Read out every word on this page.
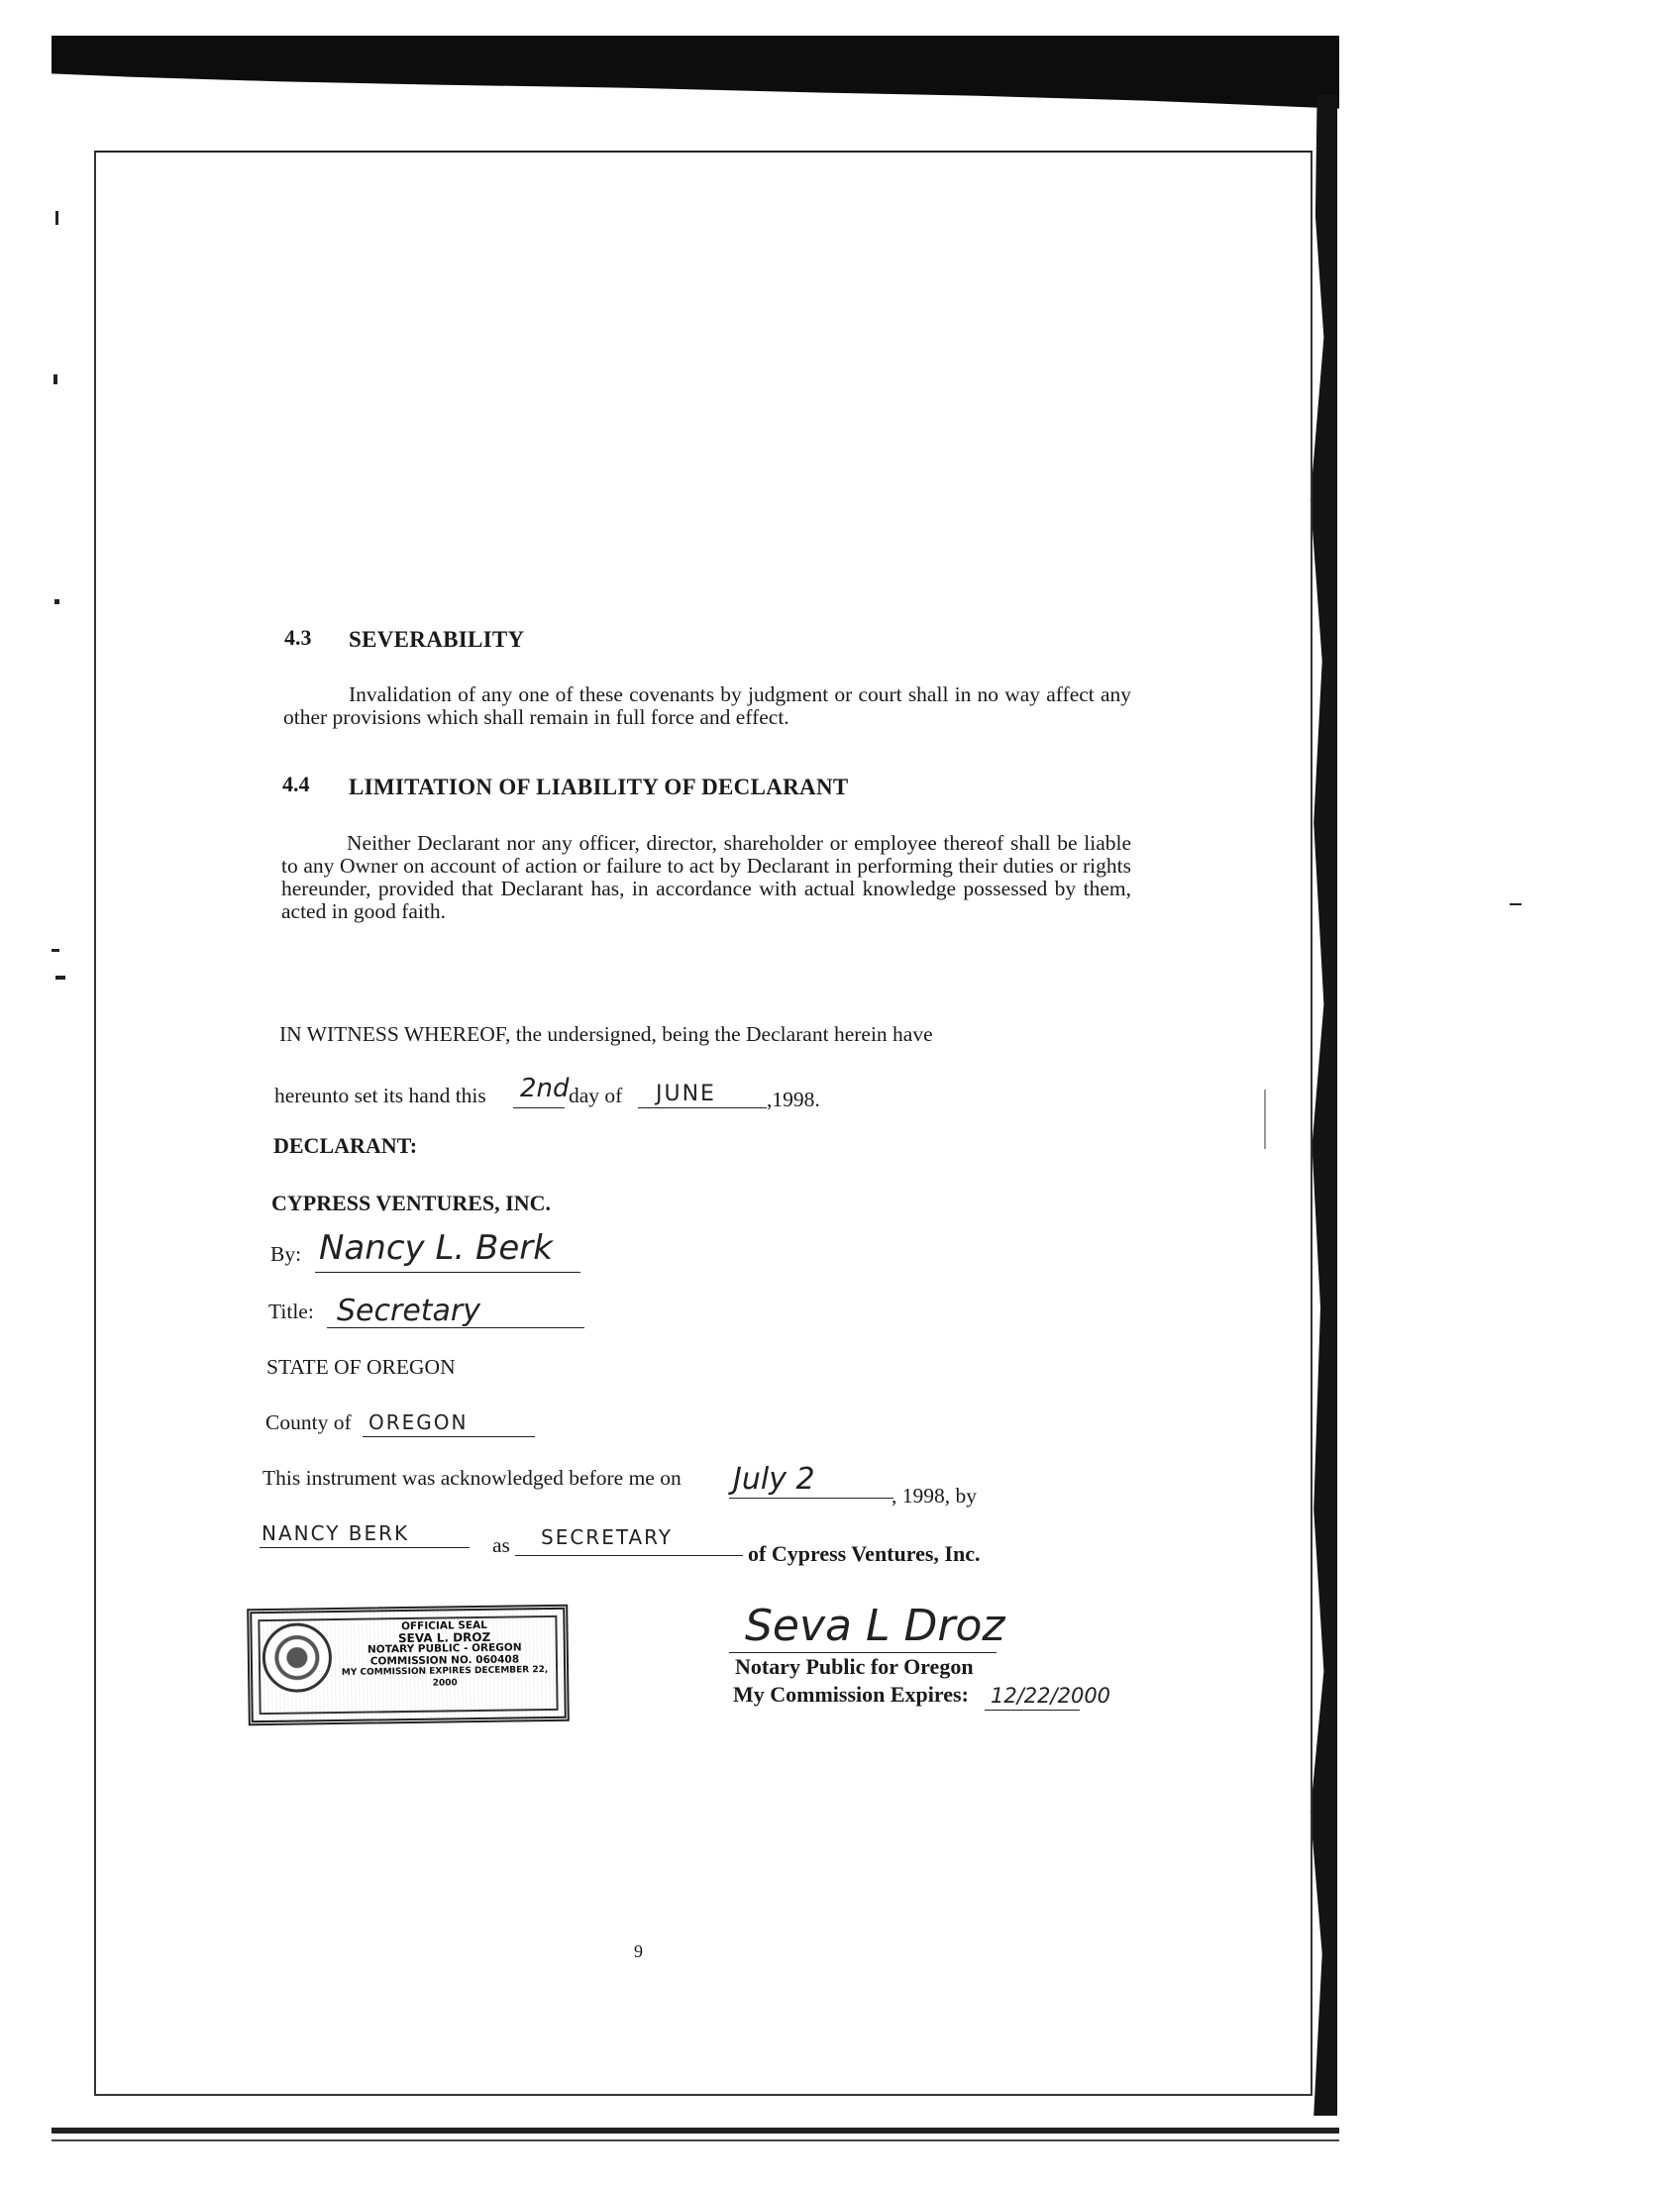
4.3 SEVERABILITY
Invalidation of any one of these covenants by judgment or court shall in no way affect any other provisions which shall remain in full force and effect.
4.4 LIMITATION OF LIABILITY OF DECLARANT
Neither Declarant nor any officer, director, shareholder or employee thereof shall be liable to any Owner on account of action or failure to act by Declarant in performing their duties or rights hereunder, provided that Declarant has, in accordance with actual knowledge possessed by them, acted in good faith.
IN WITNESS WHEREOF, the undersigned, being the Declarant herein have
hereunto set its hand this 2nd day of JUNE ,1998.
DECLARANT:
CYPRESS VENTURES, INC.
By: Nancy L. Berk
Title: Secretary
STATE OF OREGON
County of OREGON
This instrument was acknowledged before me on July 2	, 1998, by
NANCY BERK	as SECRETARY
of Cypress Ventures, Inc.
OFFICIAL SEAL
SEVA L. DROZ
NOTARY PUBLIC - OREGON
COMMISSION NO. 060408
MY COMMISSION EXPIRES DECEMBER 22, 2000
Seva L Droz
Notary Public for Oregon
My Commission Expires: 12/22/2000
9
